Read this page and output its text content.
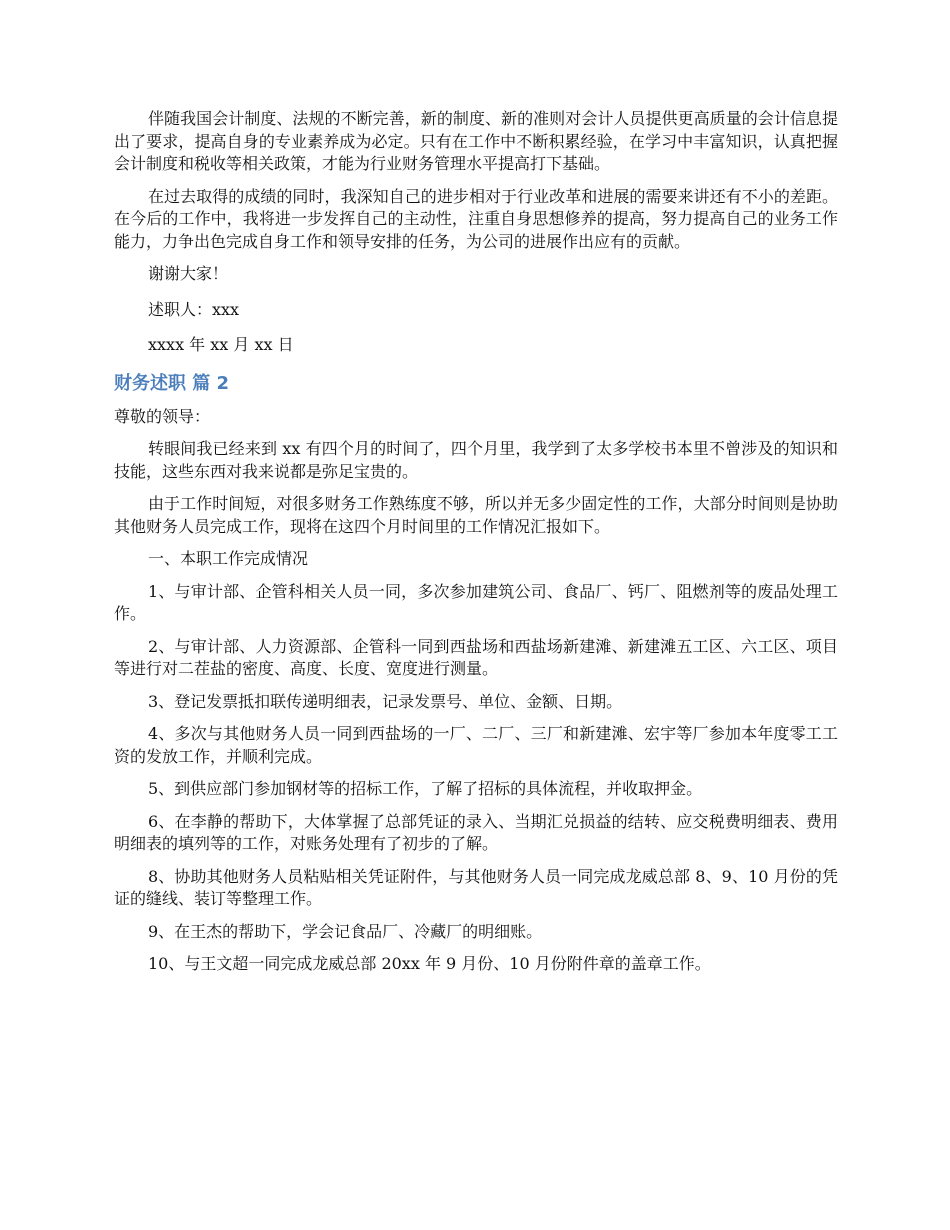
伴随我国会计制度、法规的不断完善，新的制度、新的准则对会计人员提供更高质量的会计信息提出了要求，提高自身的专业素养成为必定。只有在工作中不断积累经验，在学习中丰富知识，认真把握会计制度和税收等相关政策，才能为行业财务管理水平提高打下基础。

在过去取得的成绩的同时，我深知自己的进步相对于行业改革和进展的需要来讲还有不小的差距。在今后的工作中，我将进一步发挥自己的主动性，注重自身思想修养的提高，努力提高自己的业务工作能力，力争出色完成自身工作和领导安排的任务，为公司的进展作出应有的贡献。

谢谢大家！

述职人：xxx

xxxx 年 xx 月 xx 日

财务述职 篇 2

尊敬的领导：

转眼间我已经来到 xx 有四个月的时间了，四个月里，我学到了太多学校书本里不曾涉及的知识和技能，这些东西对我来说都是弥足宝贵的。

由于工作时间短，对很多财务工作熟练度不够，所以并无多少固定性的工作，大部分时间则是协助其他财务人员完成工作，现将在这四个月时间里的工作情况汇报如下。

一、本职工作完成情况

1、与审计部、企管科相关人员一同，多次参加建筑公司、食品厂、钙厂、阻燃剂等的废品处理工作。

2、与审计部、人力资源部、企管科一同到西盐场和西盐场新建滩、新建滩五工区、六工区、项目等进行对二茬盐的密度、高度、长度、宽度进行测量。

3、登记发票抵扣联传递明细表，记录发票号、单位、金额、日期。

4、多次与其他财务人员一同到西盐场的一厂、二厂、三厂和新建滩、宏宇等厂参加本年度零工工资的发放工作，并顺利完成。

5、到供应部门参加钢材等的招标工作，了解了招标的具体流程，并收取押金。

6、在李静的帮助下，大体掌握了总部凭证的录入、当期汇兑损益的结转、应交税费明细表、费用明细表的填列等的工作，对账务处理有了初步的了解。

8、协助其他财务人员粘贴相关凭证附件，与其他财务人员一同完成龙威总部 8、9、10 月份的凭证的缝线、装订等整理工作。

9、在王杰的帮助下，学会记食品厂、冷藏厂的明细账。

10、与王文超一同完成龙威总部 20xx 年 9 月份、10 月份附件章的盖章工作。
